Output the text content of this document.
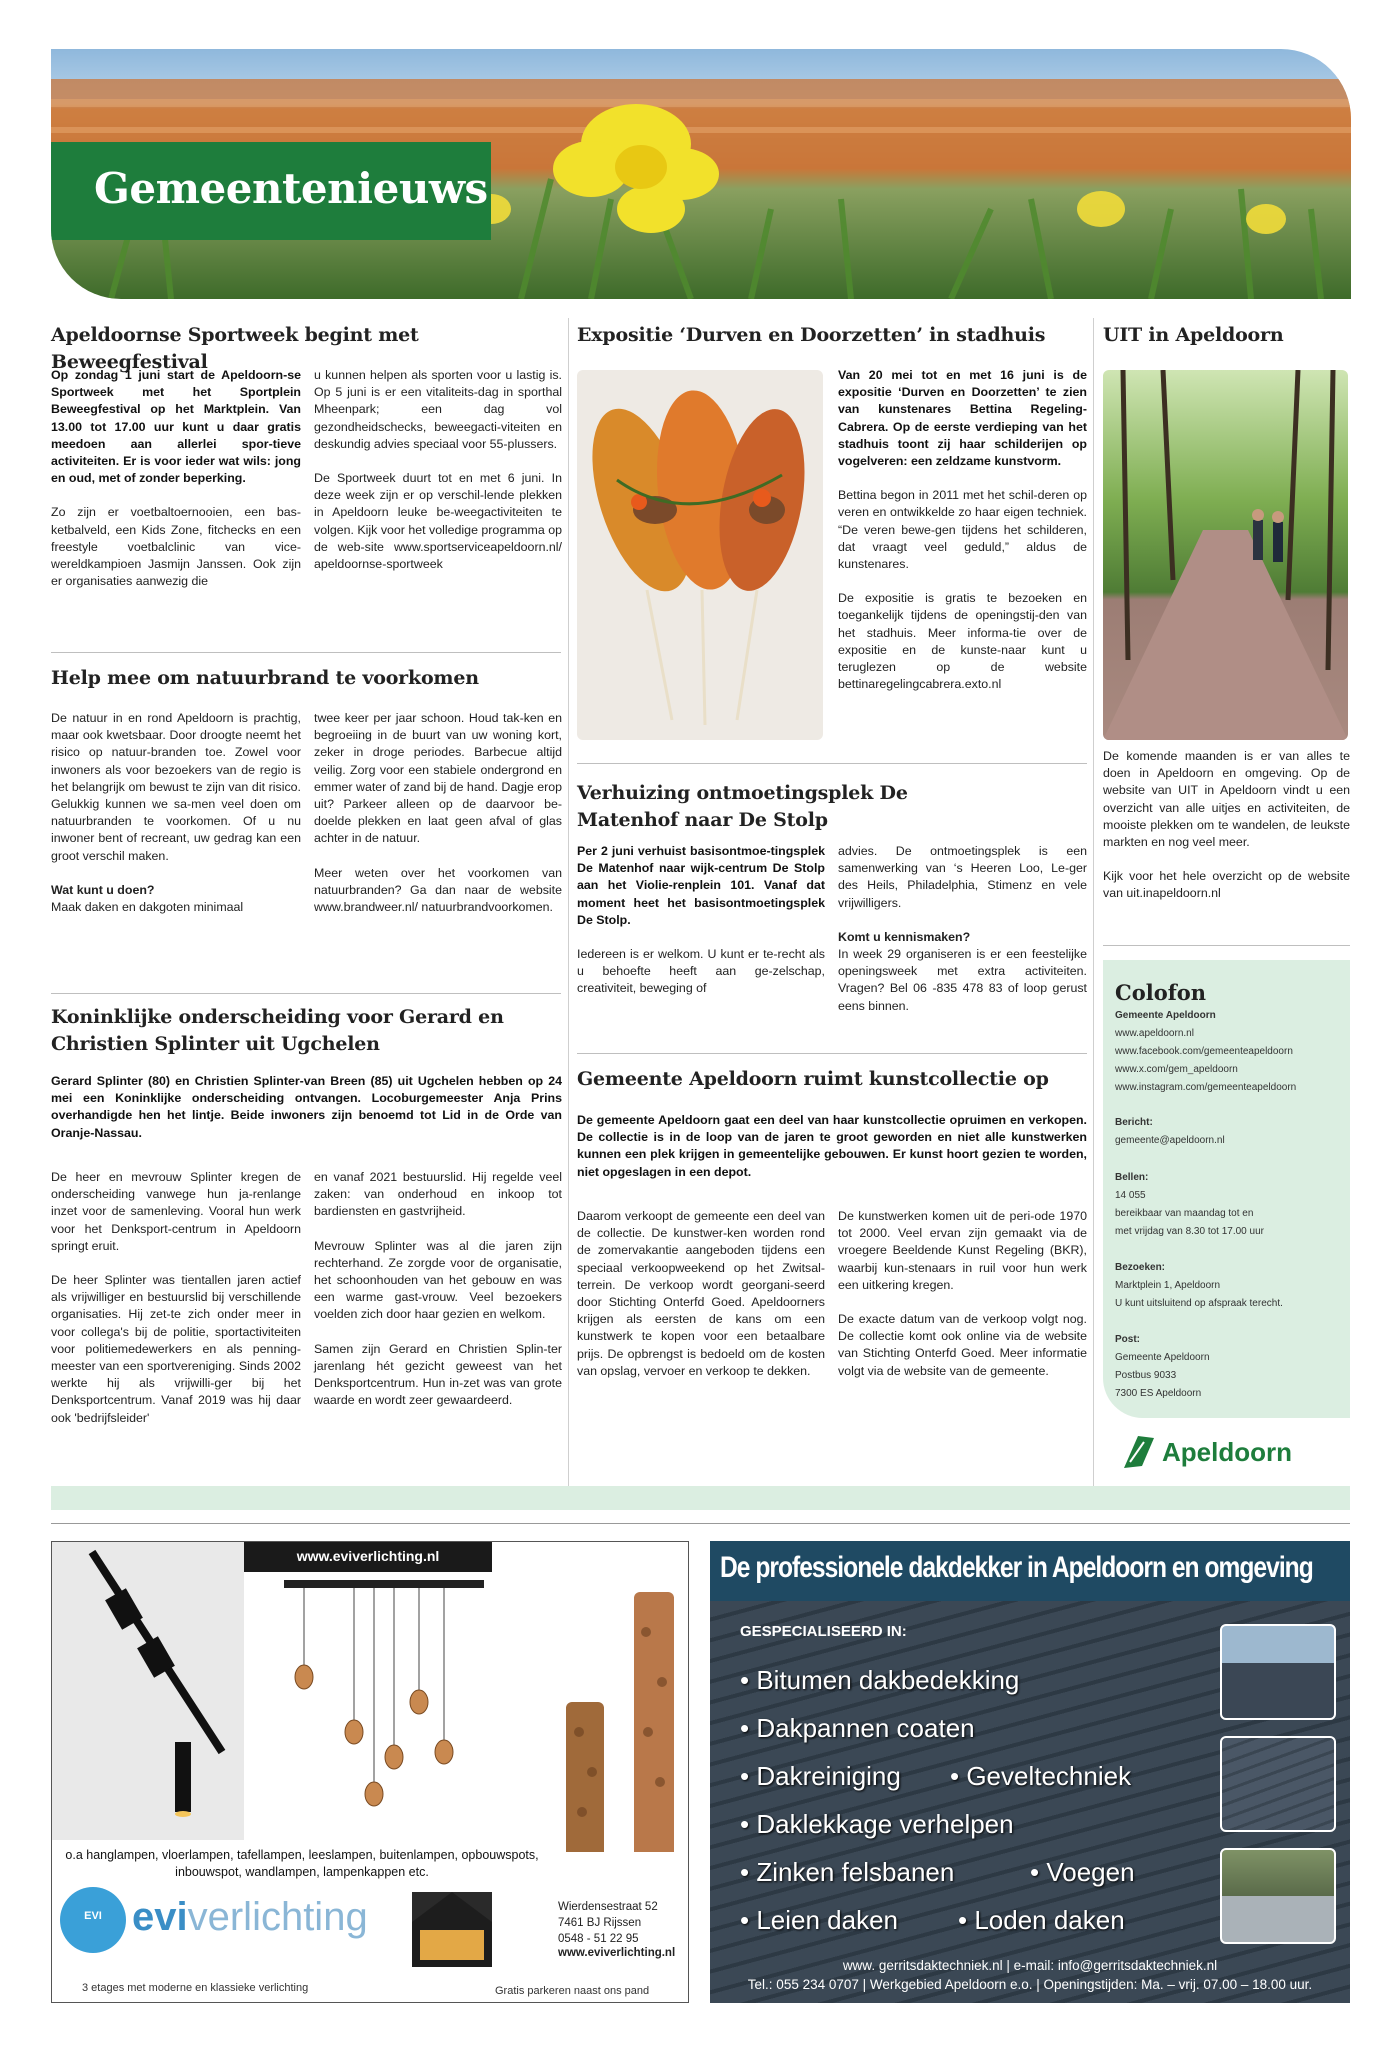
Gemeentenieuws
Apeldoornse Sportweek begint met Beweegfestival

Op zondag 1 juni start de Apeldoorn-se Sportweek met het Sportplein Beweegfestival op het Marktplein. Van 13.00 tot 17.00 uur kunt u daar gratis meedoen aan allerlei spor-tieve activiteiten. Er is voor ieder wat wils: jong en oud, met of zonder beperking.

Zo zijn er voetbaltoernooien, een bas-ketbalveld, een Kids Zone, fitchecks en een freestyle voetbalclinic van vice-wereldkampioen Jasmijn Janssen. Ook zijn er organisaties aanwezig die

u kunnen helpen als sporten voor u lastig is. Op 5 juni is er een vitaliteits-dag in sporthal Mheenpark; een dag vol gezondheidschecks, beweegacti-viteiten en deskundig advies speciaal voor 55-plussers.

De Sportweek duurt tot en met 6 juni. In deze week zijn er op verschil-lende plekken in Apeldoorn leuke be-weegactiviteiten te volgen. Kijk voor het volledige programma op de web-site www.sportserviceapeldoorn.nl/ apeldoornse-sportweek

Help mee om natuurbrand te voorkomen

De natuur in en rond Apeldoorn is prachtig, maar ook kwetsbaar. Door droogte neemt het risico op natuur-branden toe. Zowel voor inwoners als voor bezoekers van de regio is het belangrijk om bewust te zijn van dit risico. Gelukkig kunnen we sa-men veel doen om natuurbranden te voorkomen. Of u nu inwoner bent of recreant, uw gedrag kan een groot verschil maken.

Wat kunt u doen?

Maak daken en dakgoten minimaal

twee keer per jaar schoon. Houd tak-ken en begroeiing in de buurt van uw woning kort, zeker in droge periodes. Barbecue altijd veilig. Zorg voor een stabiele ondergrond en emmer water of zand bij de hand. Dagje erop uit? Parkeer alleen op de daarvoor be-doelde plekken en laat geen afval of glas achter in de natuur.

Meer weten over het voorkomen van natuurbranden? Ga dan naar de website www.brandweer.nl/ natuurbrandvoorkomen.

Koninklijke onderscheiding voor Gerard en Christien Splinter uit Ugchelen

Gerard Splinter (80) en Christien Splinter-van Breen (85) uit Ugchelen hebben op 24 mei een Koninklijke onderscheiding ontvangen. Locoburgemeester Anja Prins overhandigde hen het lintje. Beide inwoners zijn benoemd tot Lid in de Orde van Oranje-Nassau.

De heer en mevrouw Splinter kregen de onderscheiding vanwege hun ja-renlange inzet voor de samenleving. Vooral hun werk voor het Denksport-centrum in Apeldoorn springt eruit.

De heer Splinter was tientallen jaren actief als vrijwilliger en bestuurslid bij verschillende organisaties. Hij zet-te zich onder meer in voor collega's bij de politie, sportactiviteiten voor politiemedewerkers en als penning-meester van een sportvereniging. Sinds 2002 werkte hij als vrijwilli-ger bij het Denksportcentrum. Vanaf 2019 was hij daar ook 'bedrijfsleider'

en vanaf 2021 bestuurslid. Hij regelde veel zaken: van onderhoud en inkoop tot bardiensten en gastvrijheid.

Mevrouw Splinter was al die jaren zijn rechterhand. Ze zorgde voor de organisatie, het schoonhouden van het gebouw en was een warme gast-vrouw. Veel bezoekers voelden zich door haar gezien en welkom.

Samen zijn Gerard en Christien Splin-ter jarenlang hét gezicht geweest van het Denksportcentrum. Hun in-zet was van grote waarde en wordt zeer gewaardeerd.

Expositie ‘Durven en Doorzetten’ in stadhuis

Van 20 mei tot en met 16 juni is de expositie ‘Durven en Doorzetten’ te zien van kunstenares Bettina Regeling-Cabrera. Op de eerste verdieping van het stadhuis toont zij haar schilderijen op vogelveren: een zeldzame kunstvorm.

Bettina begon in 2011 met het schil-deren op veren en ontwikkelde zo haar eigen techniek. “De veren bewe-gen tijdens het schilderen, dat vraagt veel geduld,” aldus de kunstenares.

De expositie is gratis te bezoeken en toegankelijk tijdens de openingstij-den van het stadhuis. Meer informa-tie over de expositie en de kunste-naar kunt u teruglezen op de website bettinaregelingcabrera.exto.nl

Verhuizing ontmoetingsplek De Matenhof naar De Stolp

Per 2 juni verhuist basisontmoe-tingsplek De Matenhof naar wijk-centrum De Stolp aan het Violie-renplein 101. Vanaf dat moment heet het basisontmoetingsplek De Stolp.

Iedereen is er welkom. U kunt er te-recht als u behoefte heeft aan ge-zelschap, creativiteit, beweging of

advies. De ontmoetingsplek is een samenwerking van ‘s Heeren Loo, Le-ger des Heils, Philadelphia, Stimenz en vele vrijwilligers.

Komt u kennismaken?

In week 29 organiseren is er een feestelijke openingsweek met extra activiteiten. Vragen? Bel 06 -835 478 83 of loop gerust eens binnen.

Gemeente Apeldoorn ruimt kunstcollectie op

De gemeente Apeldoorn gaat een deel van haar kunstcollectie opruimen en verkopen. De collectie is in de loop van de jaren te groot geworden en niet alle kunstwerken kunnen een plek krijgen in gemeentelijke gebouwen. Er kunst hoort gezien te worden, niet opgeslagen in een depot.

Daarom verkoopt de gemeente een deel van de collectie. De kunstwer-ken worden rond de zomervakantie aangeboden tijdens een speciaal verkoopweekend op het Zwitsal-terrein. De verkoop wordt georgani-seerd door Stichting Onterfd Goed. Apeldoorners krijgen als eersten de kans om een kunstwerk te kopen voor een betaalbare prijs. De opbrengst is bedoeld om de kosten van opslag, vervoer en verkoop te dekken.

De kunstwerken komen uit de peri-ode 1970 tot 2000. Veel ervan zijn gemaakt via de vroegere Beeldende Kunst Regeling (BKR), waarbij kun-stenaars in ruil voor hun werk een uitkering kregen.

De exacte datum van de verkoop volgt nog. De collectie komt ook online via de website van Stichting Onterfd Goed. Meer informatie volgt via de website van de gemeente.

UIT in Apeldoorn

De komende maanden is er van alles te doen in Apeldoorn en omgeving. Op de website van UIT in Apeldoorn vindt u een overzicht van alle uitjes en activiteiten, de mooiste plekken om te wandelen, de leukste markten en nog veel meer.

Kijk voor het hele overzicht op de website van uit.inapeldoorn.nl

Colofon
Gemeente Apeldoorn
www.apeldoorn.nl
www.facebook.com/gemeenteapeldoorn
www.x.com/gem_apeldoorn
www.instagram.com/gemeenteapeldoorn
Bericht:
gemeente@apeldoorn.nl
Bellen:
14 055
bereikbaar van maandag tot en
met vrijdag van 8.30 tot 17.00 uur
Bezoeken:
Marktplein 1, Apeldoorn
U kunt uitsluitend op afspraak terecht.
Post:
Gemeente Apeldoorn
Postbus 9033
7300 ES Apeldoorn
Apeldoorn
www.eviverlichting.nl
o.a hanglampen, vloerlampen, tafellampen, leeslampen, buitenlampen, opbouwspots, inbouwspot, wandlampen, lampenkappen etc.
EVI eviverlichting	Wierdensestraat 52
7461 BJ Rijssen
0548 - 51 22 95
www.eviverlichting.nl
3 etages met moderne en klassieke verlichting	Gratis parkeren naast ons pand
De professionele dakdekker in Apeldoorn en omgeving
GESPECIALISEERD IN:
• Bitumen dakbedekking
• Dakpannen coaten
• Dakreiniging • Geveltechniek
• Daklekkage verhelpen
• Zinken felsbanen	• Voegen
• Leien daken • Loden daken
www. gerritsdaktechniek.nl | e-mail: info@gerritsdaktechniek.nl
Tel.: 055 234 0707 | Werkgebied Apeldoorn e.o. | Openingstijden: Ma. – vrij. 07.00 – 18.00 uur.
